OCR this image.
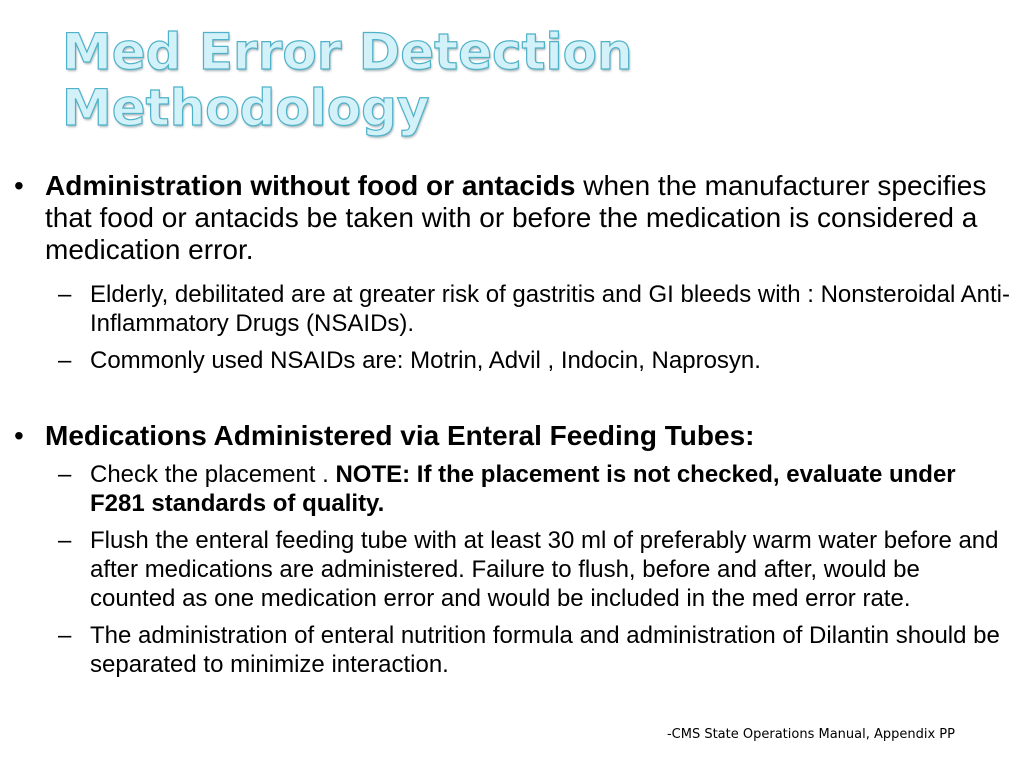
Med Error Detection
Methodology
• Administration without food or antacids when the manufacturer specifies that food or antacids be taken with or before the medication is considered a medication error.
– Elderly, debilitated are at greater risk of gastritis and GI bleeds with : Nonsteroidal Anti-Inflammatory Drugs (NSAIDs).
– Commonly used NSAIDs are: Motrin, Advil , Indocin, Naprosyn.
• Medications Administered via Enteral Feeding Tubes:
– Check the placement . NOTE: If the placement is not checked, evaluate under F281 standards of quality.
– Flush the enteral feeding tube with at least 30 ml of preferably warm water before and after medications are administered. Failure to flush, before and after, would be counted as one medication error and would be included in the med error rate.
– The administration of enteral nutrition formula and administration of Dilantin should be separated to minimize interaction.
-CMS State Operations Manual, Appendix PP
